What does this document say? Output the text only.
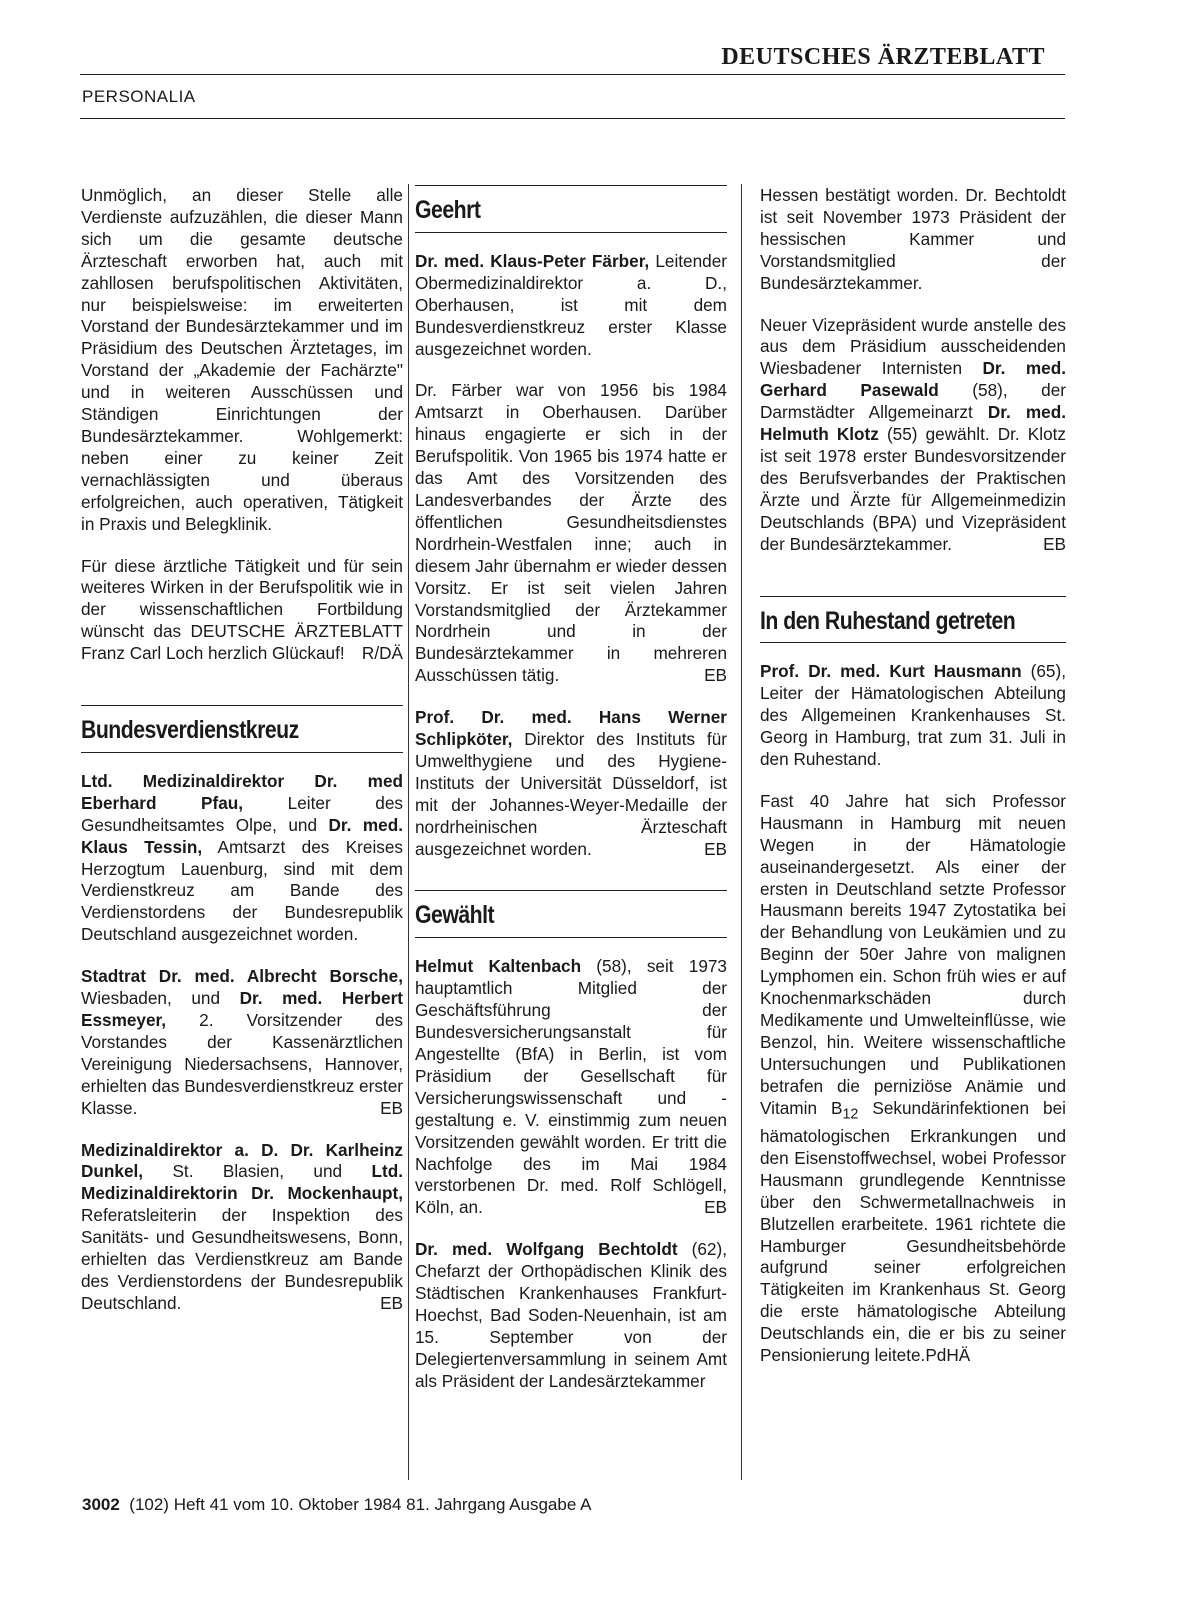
DEUTSCHES ÄRZTEBLATT
PERSONALIA

Unmöglich, an dieser Stelle alle Verdienste aufzuzählen, die dieser Mann sich um die gesamte deutsche Ärzteschaft erworben hat, auch mit zahllosen berufspolitischen Aktivitäten, nur beispielsweise: im erweiterten Vorstand der Bundesärztekammer und im Präsidium des Deutschen Ärztetages, im Vorstand der „Akademie der Fachärzte" und in weiteren Ausschüssen und Ständigen Einrichtungen der Bundesärztekammer. Wohlgemerkt: neben einer zu keiner Zeit vernachlässigten und überaus erfolgreichen, auch operativen, Tätigkeit in Praxis und Belegklinik.

Für diese ärztliche Tätigkeit und für sein weiteres Wirken in der Berufspolitik wie in der wissenschaftlichen Fortbildung wünscht das DEUTSCHE ÄRZTEBLATT Franz Carl Loch herzlich Glückauf! R/DÄ

Bundesverdienstkreuz

Ltd. Medizinaldirektor Dr. med Eberhard Pfau, Leiter des Gesundheitsamtes Olpe, und Dr. med. Klaus Tessin, Amtsarzt des Kreises Herzogtum Lauenburg, sind mit dem Verdienstkreuz am Bande des Verdienstordens der Bundesrepublik Deutschland ausgezeichnet worden.

Stadtrat Dr. med. Albrecht Borsche, Wiesbaden, und Dr. med. Herbert Essmeyer, 2. Vorsitzender des Vorstandes der Kassenärztlichen Vereinigung Niedersachsens, Hannover, erhielten das Bundesverdienstkreuz erster Klasse.	EB

Medizinaldirektor a. D. Dr. Karlheinz Dunkel, St. Blasien, und Ltd. Medizinaldirektorin Dr. Mockenhaupt, Referatsleiterin der Inspektion des Sanitäts- und Gesundheitswesens, Bonn, erhielten das Verdienstkreuz am Bande des Verdienstordens der Bundesrepublik Deutschland.	EB

Geehrt

Dr. med. Klaus-Peter Färber, Leitender Obermedizinaldirektor a. D., Oberhausen, ist mit dem Bundesverdienstkreuz erster Klasse ausgezeichnet worden.

Dr. Färber war von 1956 bis 1984 Amtsarzt in Oberhausen. Darüber hinaus engagierte er sich in der Berufspolitik. Von 1965 bis 1974 hatte er das Amt des Vorsitzenden des Landesverbandes der Ärzte des öffentlichen Gesundheitsdienstes Nordrhein-Westfalen inne; auch in diesem Jahr übernahm er wieder dessen Vorsitz. Er ist seit vielen Jahren Vorstandsmitglied der Ärztekammer Nordrhein und in der Bundesärztekammer in mehreren Ausschüssen tätig.	EB

Prof. Dr. med. Hans Werner Schlipköter, Direktor des Instituts für Umwelthygiene und des Hygiene-Instituts der Universität Düsseldorf, ist mit der Johannes-Weyer-Medaille der nordrheinischen Ärzteschaft ausgezeichnet worden.	EB

Gewählt

Helmut Kaltenbach (58), seit 1973 hauptamtlich Mitglied der Geschäftsführung der Bundesversicherungsanstalt für Angestellte (BfA) in Berlin, ist vom Präsidium der Gesellschaft für Versicherungswissenschaft und -gestaltung e. V. einstimmig zum neuen Vorsitzenden gewählt worden. Er tritt die Nachfolge des im Mai 1984 verstorbenen Dr. med. Rolf Schlögell, Köln, an.	EB

Dr. med. Wolfgang Bechtoldt (62), Chefarzt der Orthopädischen Klinik des Städtischen Krankenhauses Frankfurt-Hoechst, Bad Soden-Neuenhain, ist am 15. September von der Delegiertenversammlung in seinem Amt als Präsident der Landesärztekammer

Hessen bestätigt worden. Dr. Bechtoldt ist seit November 1973 Präsident der hessischen Kammer und Vorstandsmitglied der Bundesärztekammer.

Neuer Vizepräsident wurde anstelle des aus dem Präsidium ausscheidenden Wiesbadener Internisten Dr. med. Gerhard Pasewald (58), der Darmstädter Allgemeinarzt Dr. med. Helmuth Klotz (55) gewählt. Dr. Klotz ist seit 1978 erster Bundesvorsitzender des Berufsverbandes der Praktischen Ärzte und Ärzte für Allgemeinmedizin Deutschlands (BPA) und Vizepräsident der Bundesärztekammer.	EB

In den Ruhestand getreten

Prof. Dr. med. Kurt Hausmann (65), Leiter der Hämatologischen Abteilung des Allgemeinen Krankenhauses St. Georg in Hamburg, trat zum 31. Juli in den Ruhestand.

Fast 40 Jahre hat sich Professor Hausmann in Hamburg mit neuen Wegen in der Hämatologie auseinandergesetzt. Als einer der ersten in Deutschland setzte Professor Hausmann bereits 1947 Zytostatika bei der Behandlung von Leukämien und zu Beginn der 50er Jahre von malignen Lymphomen ein. Schon früh wies er auf Knochenmarkschäden durch Medikamente und Umwelteinflüsse, wie Benzol, hin. Weitere wissenschaftliche Untersuchungen und Publikationen betrafen die perniziöse Anämie und Vitamin $B_{12}$ Sekundärinfektionen bei hämatologischen Erkrankungen und den Eisenstoffwechsel, wobei Professor Hausmann grundlegende Kenntnisse über den Schwermetallnachweis in Blutzellen erarbeitete. 1961 richtete die Hamburger Gesundheitsbehörde aufgrund seiner erfolgreichen Tätigkeiten im Krankenhaus St. Georg die erste hämatologische Abteilung Deutschlands ein, die er bis zu seiner Pensionierung leitete.PdHÄ

3002 (102) Heft 41 vom 10. Oktober 1984 81. Jahrgang Ausgabe A
